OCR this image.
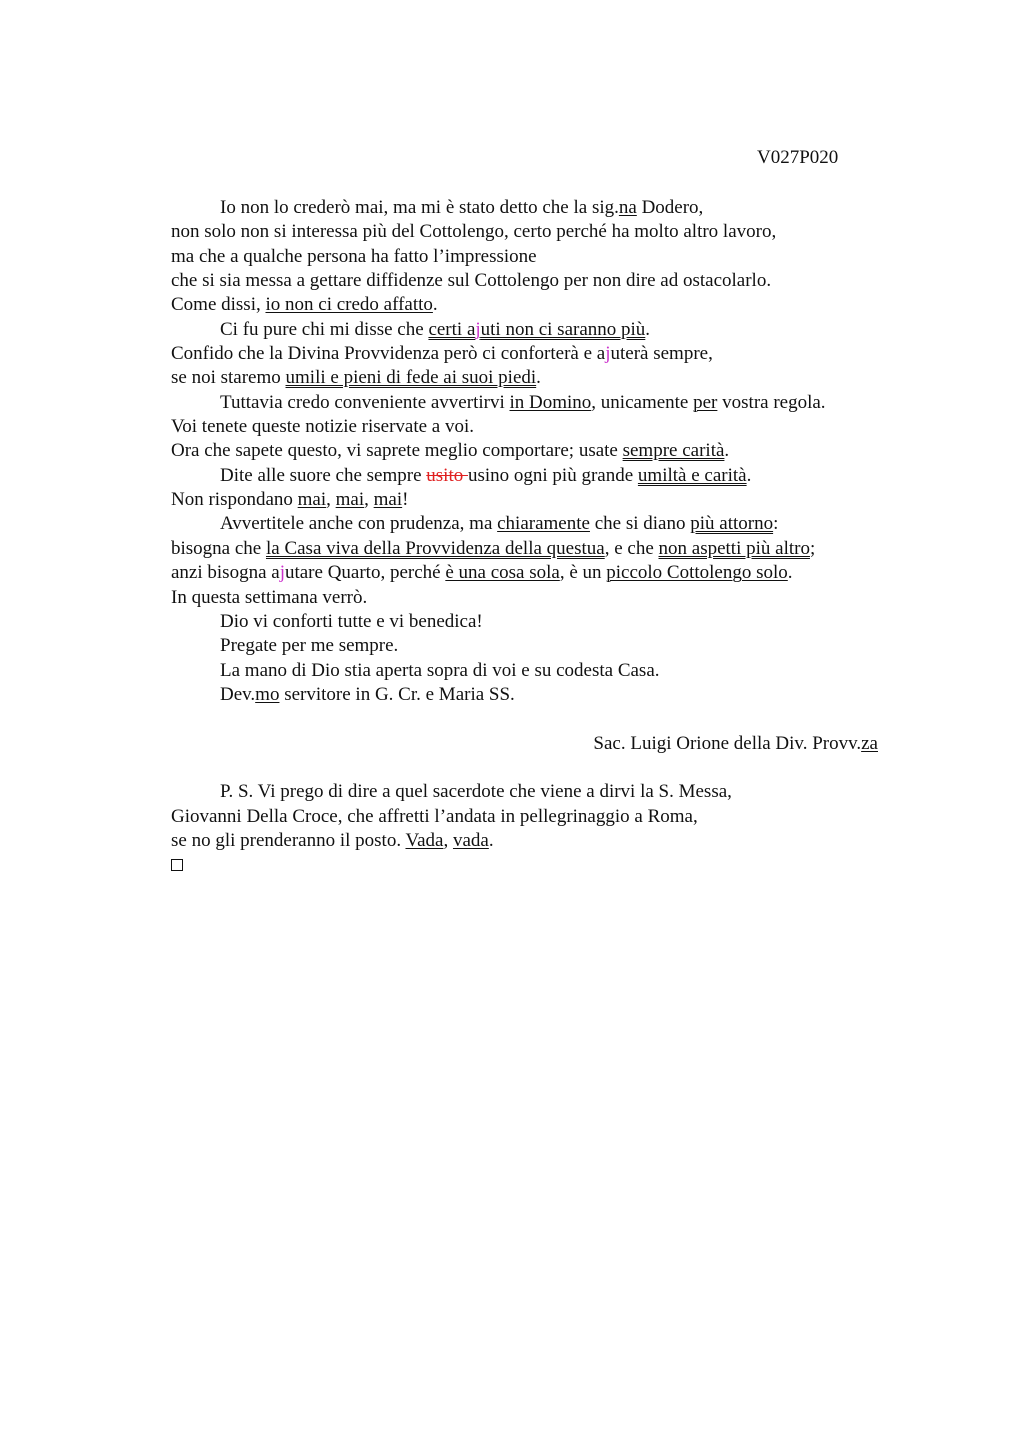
V027P020
Io non lo crederò mai, ma mi è stato detto che la sig.na Dodero,
non solo non si interessa più del Cottolengo, certo perché ha molto altro lavoro,
ma che a qualche persona ha fatto l’impressione
che si sia messa a gettare diffidenze sul Cottolengo per non dire ad ostacolarlo.
Come dissi, io non ci credo affatto.
Ci fu pure chi mi disse che certi ajuti non ci saranno più.
Confido che la Divina Provvidenza però ci conforterà e ajuterà sempre,
se noi staremo umili e pieni di fede ai suoi piedi.
Tuttavia credo conveniente avvertirvi in Domino, unicamente per vostra regola.
Voi tenete queste notizie riservate a voi.
Ora che sapete questo, vi saprete meglio comportare; usate sempre carità.
Dite alle suore che sempre usito usino ogni più grande umiltà e carità.
Non rispondano mai, mai, mai!
Avvertitele anche con prudenza, ma chiaramente che si diano più attorno:
bisogna che la Casa viva della Provvidenza della questua, e che non aspetti più altro;
anzi bisogna ajutare Quarto, perché è una cosa sola, è un piccolo Cottolengo solo.
In questa settimana verrò.
Dio vi conforti tutte e vi benedica!
Pregate per me sempre.
La mano di Dio stia aperta sopra di voi e su codesta Casa.
Dev.mo servitore in G. Cr. e Maria SS.
Sac. Luigi Orione della Div. Provv.za
P. S. Vi prego di dire a quel sacerdote che viene a dirvi la S. Messa,
Giovanni Della Croce, che affretti l’andata in pellegrinaggio a Roma,
se no gli prenderanno il posto. Vada, vada.
